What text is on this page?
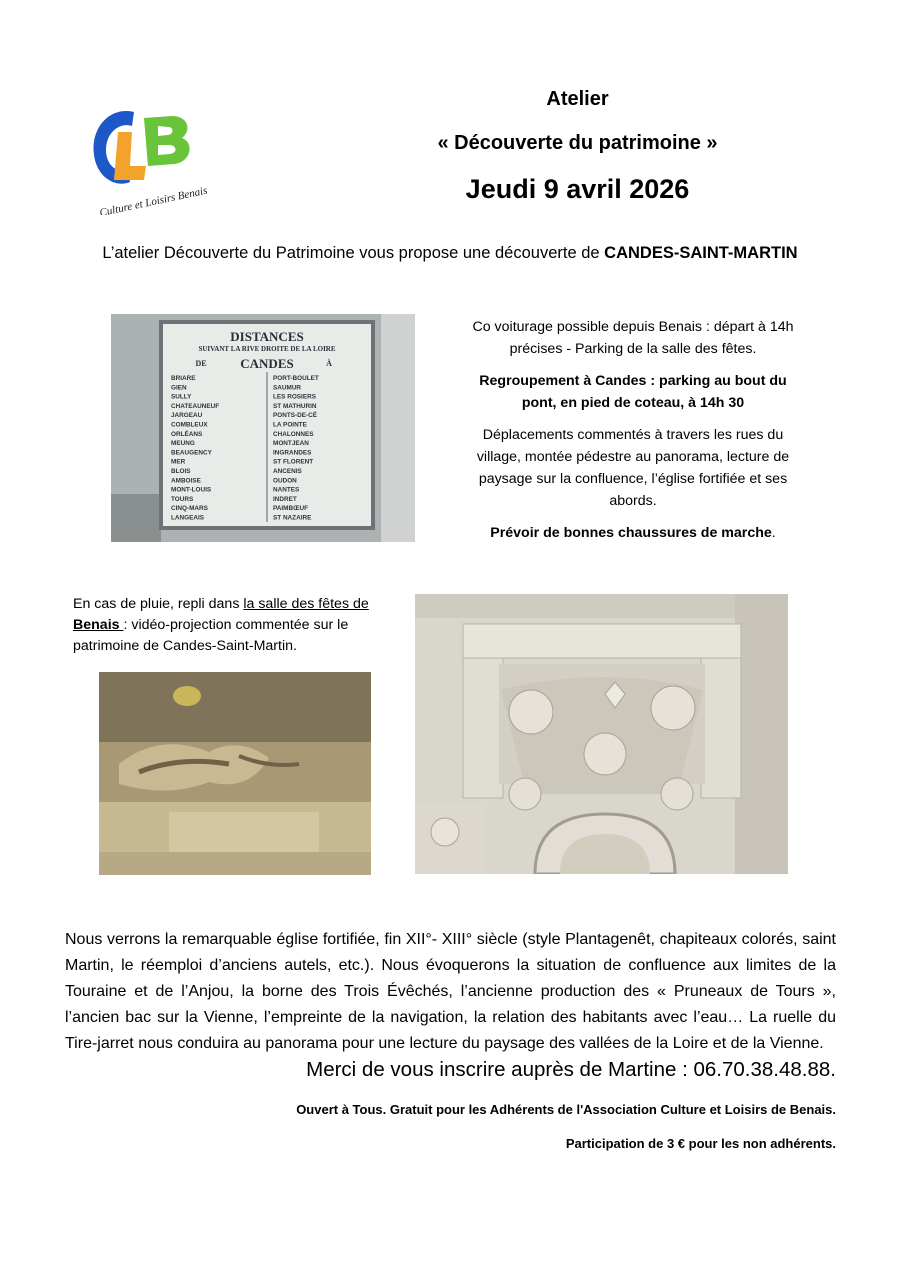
Culture et Loisirs Benais
Atelier
« Découverte du patrimoine »
Jeudi 9 avril 2026
L’atelier Découverte du Patrimoine vous propose une découverte de CANDES-SAINT-MARTIN
DISTANCES
SUIVANT LA RIVE DROITE DE LA LOIRE
DE	CANDES	À
BRIARE
GIEN
SULLY
CHATEAUNEUF
JARGEAU
COMBLEUX
ORLÉANS
MEUNG
BEAUGENCY
MER
BLOIS
AMBOISE
MONT-LOUIS
TOURS
CINQ-MARS
LANGEAIS
PORT-BOULET
SAUMUR
LES ROSIERS
ST MATHURIN
PONTS-DE-CÉ
LA POINTE
CHALONNES
MONTJEAN
INGRANDES
ST FLORENT
ANCENIS
OUDON
NANTES
INDRET
PAIMBŒUF
ST NAZAIRE

Co voiturage possible depuis Benais : départ à 14h précises - Parking de la salle des fêtes.

Regroupement à Candes : parking au bout du pont, en pied de coteau, à 14h 30

Déplacements commentés à travers les rues du village, montée pédestre au panorama, lecture de paysage sur la confluence, l’église fortifiée et ses abords.

Prévoir de bonnes chaussures de marche.

En cas de pluie, repli dans la salle des fêtes de
Benais : vidéo-projection commentée sur le patrimoine de Candes-Saint-Martin.
Nous verrons la remarquable église fortifiée, fin XII°- XIII° siècle (style Plantagenêt, chapiteaux colorés, saint Martin, le réemploi d’anciens autels, etc.). Nous évoquerons la situation de confluence aux limites de la Touraine et de l’Anjou, la borne des Trois Évêchés, l’ancienne production des « Pruneaux de Tours », l’ancien bac sur la Vienne, l’empreinte de la navigation, la relation des habitants avec l’eau… La ruelle du Tire-jarret nous conduira au panorama pour une lecture du paysage des vallées de la Loire et de la Vienne.
Merci de vous inscrire auprès de Martine : 06.70.38.48.88.
Ouvert à Tous. Gratuit pour les Adhérents de l'Association Culture et Loisirs de Benais.
Participation de 3 € pour les non adhérents.
